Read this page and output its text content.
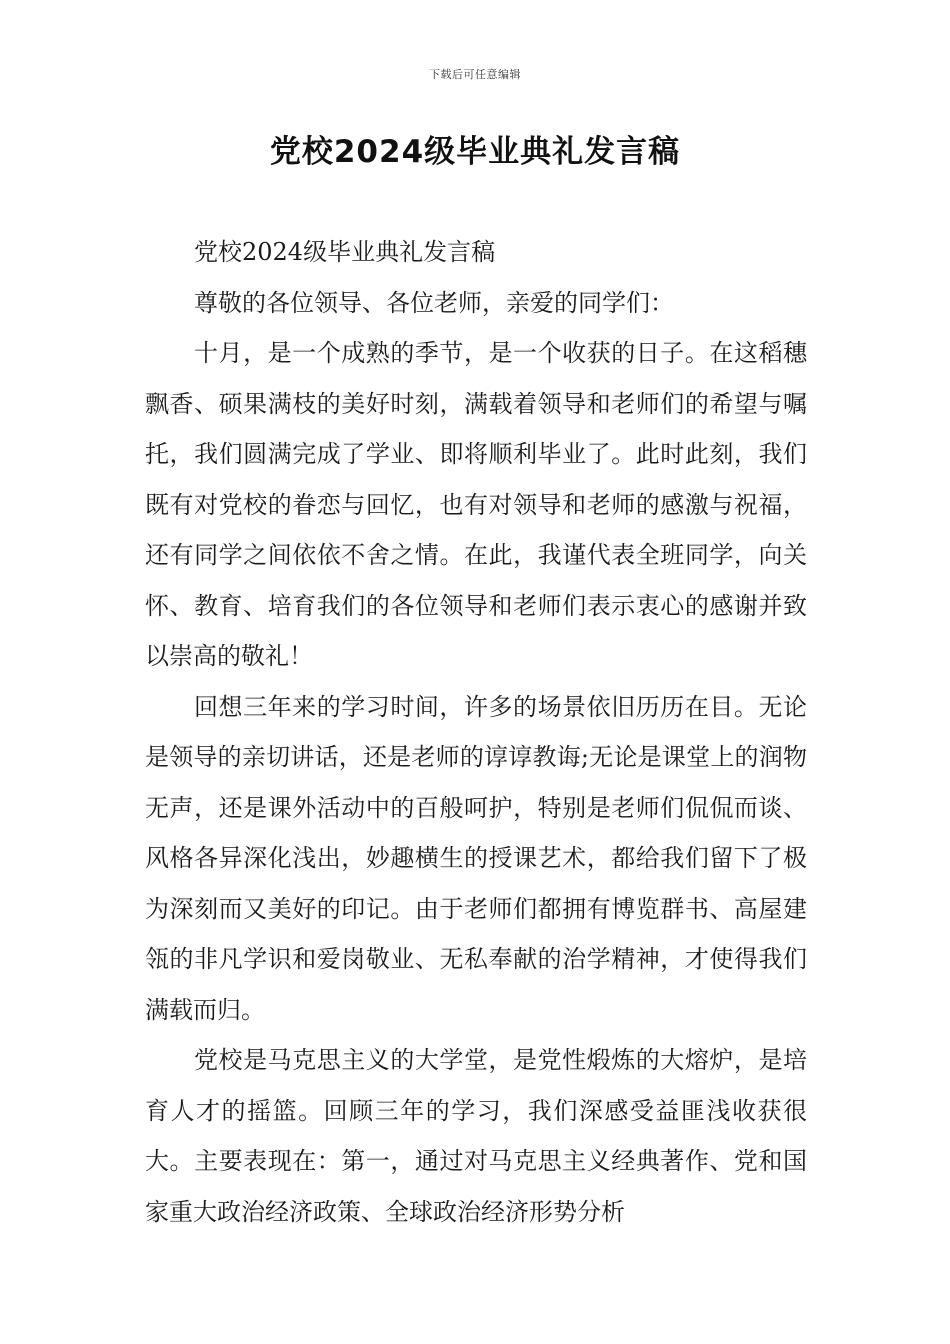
下载后可任意编辑
党校2024级毕业典礼发言稿

党校2024级毕业典礼发言稿

尊敬的各位领导、各位老师，亲爱的同学们：

十月，是一个成熟的季节，是一个收获的日子。在这稻穗飘香、硕果满枝的美好时刻，满载着领导和老师们的希望与嘱托，我们圆满完成了学业、即将顺利毕业了。此时此刻，我们既有对党校的眷恋与回忆，也有对领导和老师的感激与祝福，还有同学之间依依不舍之情。在此，我谨代表全班同学，向关怀、教育、培育我们的各位领导和老师们表示衷心的感谢并致以崇高的敬礼！

回想三年来的学习时间，许多的场景依旧历历在目。无论是领导的亲切讲话，还是老师的谆谆教诲;无论是课堂上的润物无声，还是课外活动中的百般呵护，特别是老师们侃侃而谈、风格各异深化浅出，妙趣横生的授课艺术，都给我们留下了极为深刻而又美好的印记。由于老师们都拥有博览群书、高屋建瓴的非凡学识和爱岗敬业、无私奉献的治学精神，才使得我们满载而归。

党校是马克思主义的大学堂，是党性煅炼的大熔炉，是培育人才的摇篮。回顾三年的学习，我们深感受益匪浅收获很大。主要表现在：第一，通过对马克思主义经典著作、党和国家重大政治经济政策、全球政治经济形势分析
